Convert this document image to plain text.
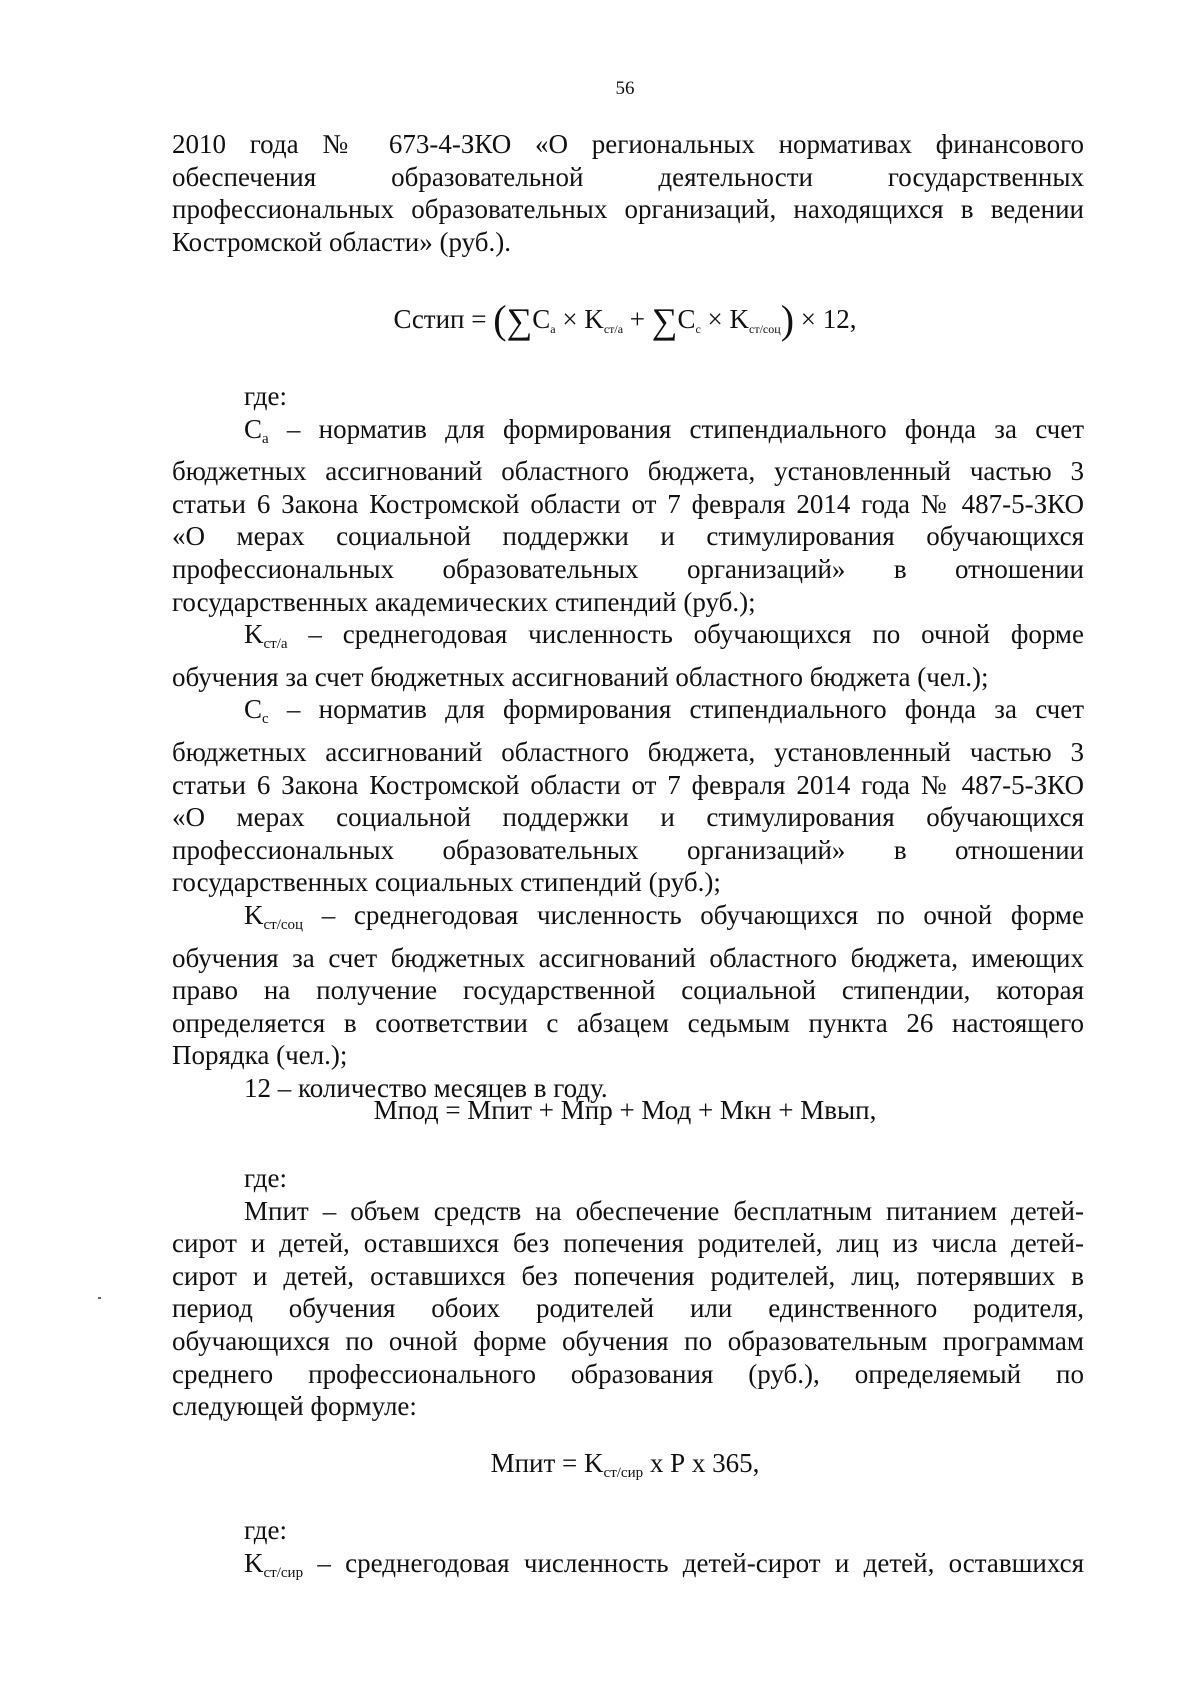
56
2010 года № 673-4-ЗКО «О региональных нормативах финансового
обеспечения образовательной деятельности государственных
профессиональных образовательных организаций, находящихся в ведении
Костромской области» (руб.).
Сстип = (∑Cа × Kст/а + ∑Cс × Kст/соц) × 12,
где:
$C_а$ – норматив для формирования стипендиального фонда за счет
бюджетных ассигнований областного бюджета, установленный частью 3
статьи 6 Закона Костромской области от 7 февраля 2014 года № 487-5-ЗКО
«О мерах социальной поддержки и стимулирования обучающихся
профессиональных образовательных организаций» в отношении
государственных академических стипендий (руб.);
$K_{ст/а}$ – среднегодовая численность обучающихся по очной форме
обучения за счет бюджетных ассигнований областного бюджета (чел.);
$C_с$ – норматив для формирования стипендиального фонда за счет
бюджетных ассигнований областного бюджета, установленный частью 3
статьи 6 Закона Костромской области от 7 февраля 2014 года № 487-5-ЗКО
«О мерах социальной поддержки и стимулирования обучающихся
профессиональных образовательных организаций» в отношении
государственных социальных стипендий (руб.);
$K_{ст/соц}$ – среднегодовая численность обучающихся по очной форме
обучения за счет бюджетных ассигнований областного бюджета, имеющих
право на получение государственной социальной стипендии, которая
определяется в соответствии с абзацем седьмым пункта 26 настоящего
Порядка (чел.);
12 – количество месяцев в году.
Мпод = Мпит + Мпр + Мод + Мкн + Мвып,
где:
Мпит – объем средств на обеспечение бесплатным питанием детей-
сирот и детей, оставшихся без попечения родителей, лиц из числа детей-
сирот и детей, оставшихся без попечения родителей, лиц, потерявших в
период обучения обоих родителей или единственного родителя,
обучающихся по очной форме обучения по образовательным программам
среднего профессионального образования (руб.), определяемый по
следующей формуле:
Мпит = $K_{ст/сир}$ х Р х 365,
где:
$K_{ст/сир}$ – среднегодовая численность детей-сирот и детей, оставшихся
